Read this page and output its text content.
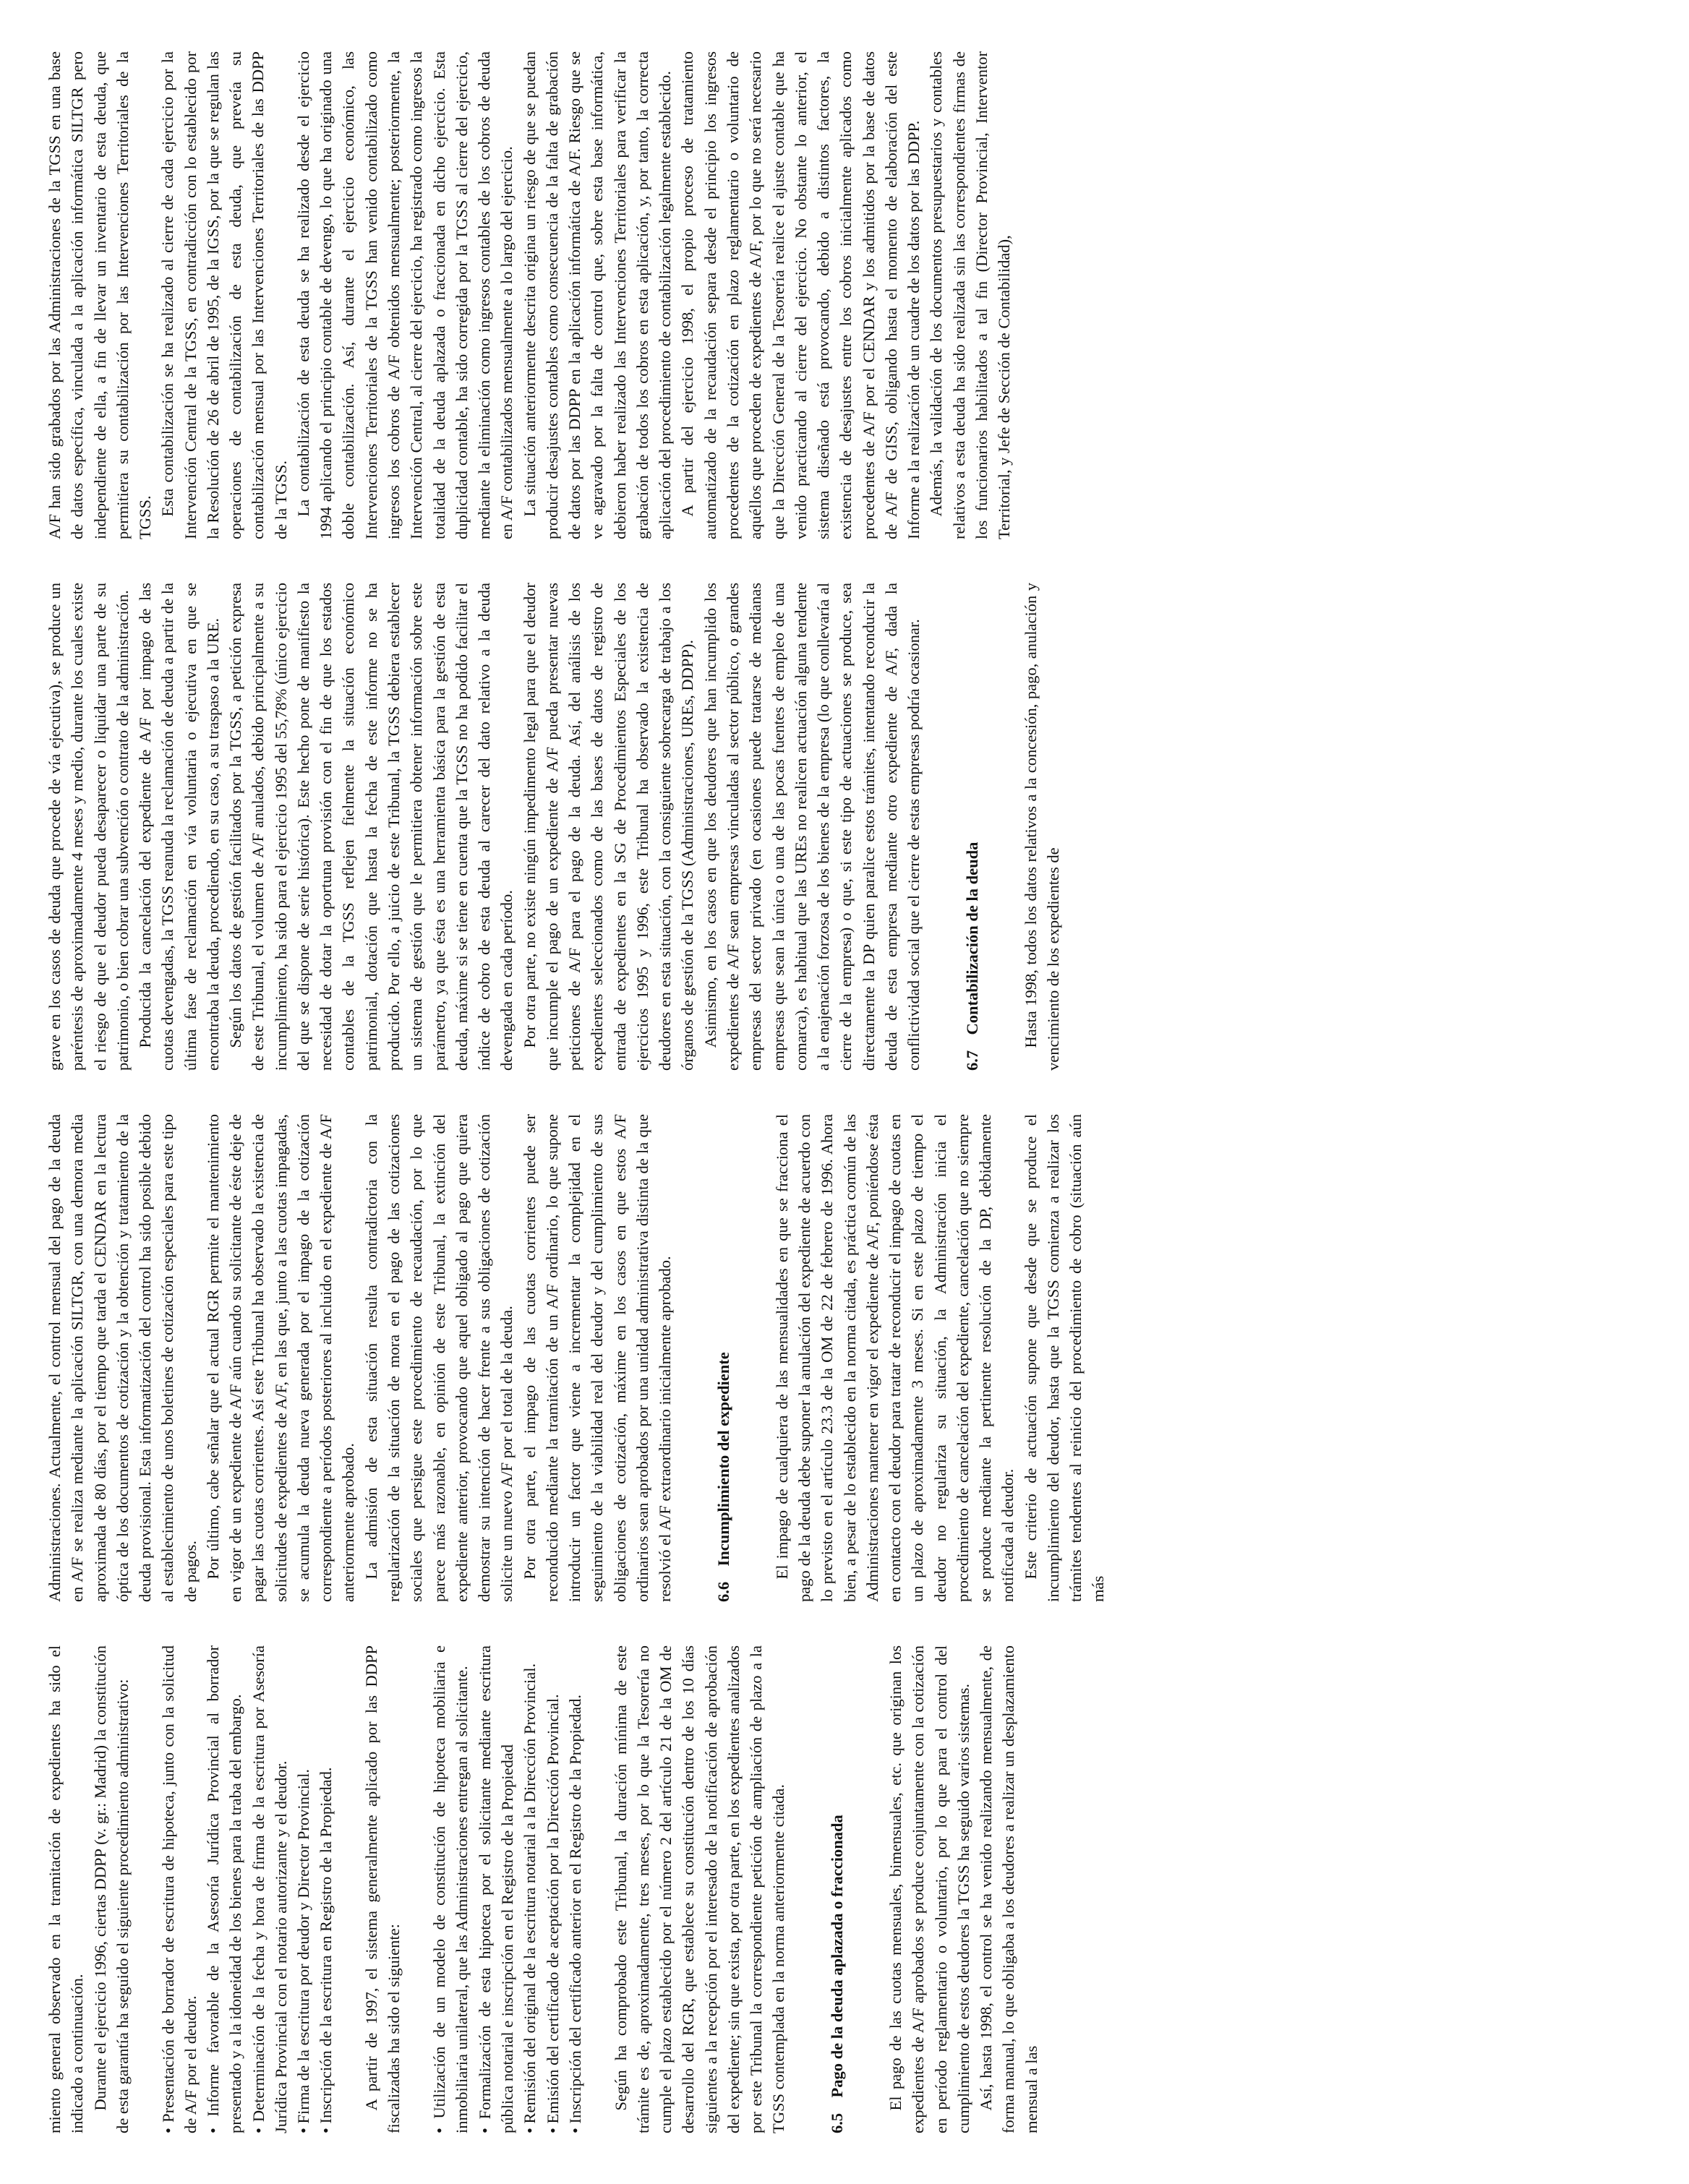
miento general observado en la tramitación de expedientes ha sido el indicado a continuación. Durante el ejercicio 1996, ciertas DDPP (v. gr.: Madrid) la constitución de esta garantía ha seguido el siguiente procedimiento administrativo: • Presentación de borrador de escritura de hipoteca, junto con la solicitud de A/F por el deudor. • Informe favorable de la Asesoría Jurídica Provincial al borrador presentado y a la idoneidad de los bienes para la traba del embargo. • Determinación de la fecha y hora de firma de la escritura por Asesoría Jurídica Provincial con el notario autorizante y el deudor. • Firma de la escritura por deudor y Director Provincial. • Inscripción de la escritura en Registro de la Propiedad. A partir de 1997, el sistema generalmente aplicado por las DDPP fiscalizadas ha sido el siguiente: • Utilización de un modelo de constitución de hipoteca mobiliaria e inmobiliaria unilateral, que las Administraciones entregan al solicitante. • Formalización de esta hipoteca por el solicitante mediante escritura pública notarial e inscripción en el Registro de la Propiedad • Remisión del original de la escritura notarial a la Dirección Provincial. • Emisión del certificado de aceptación por la Dirección Provincial. • Inscripción del certificado anterior en el Registro de la Propiedad. Según ha comprobado este Tribunal, la duración mínima de este trámite es de, aproximadamente, tres meses, por lo que la Tesorería no cumple el plazo establecido por el número 2 del artículo 21 de la OM de desarrollo del RGR, que establece su constitución dentro de los 10 días siguientes a la recepción por el interesado de la notificación de aprobación del expediente; sin que exista, por otra parte, en los expedientes analizados por este Tribunal la correspondiente petición de ampliación de plazo a la TGSS contemplada en la norma anteriormente citada. 6.5Pago de la deuda aplazada o fraccionada El pago de las cuotas mensuales, bimensuales, etc. que originan los expedientes de A/F aprobados se produce conjuntamente con la cotización en período reglamentario o voluntario, por lo que para el control del cumplimiento de estos deudores la TGSS ha seguido varios sistemas. Así, hasta 1998, el control se ha venido realizando mensualmente, de forma manual, lo que obligaba a los deudores a realizar un desplazamiento mensual a las

Administraciones. Actualmente, el control mensual del pago de la deuda en A/F se realiza mediante la aplicación SILTGR, con una demora media aproximada de 80 días, por el tiempo que tarda el CENDAR en la lectura óptica de los documentos de cotización y la obtención y tratamiento de la deuda provisional. Esta informatización del control ha sido posible debido al establecimiento de unos boletines de cotización especiales para este tipo de pagos. Por último, cabe señalar que el actual RGR permite el mantenimiento en vigor de un expediente de A/F aún cuando su solicitante de éste deje de pagar las cuotas corrientes. Así este Tribunal ha observado la existencia de solicitudes de expedientes de A/F, en las que, junto a las cuotas impagadas, se acumula la deuda nueva generada por el impago de la cotización correspondiente a períodos posteriores al incluido en el expediente de A/F anteriormente aprobado. La admisión de esta situación resulta contradictoria con la regularización de la situación de mora en el pago de las cotizaciones sociales que persigue este procedimiento de recaudación, por lo que parece más razonable, en opinión de este Tribunal, la extinción del expediente anterior, provocando que aquel obligado al pago que quiera demostrar su intención de hacer frente a sus obligaciones de cotización solicite un nuevo A/F por el total de la deuda. Por otra parte, el impago de las cuotas corrientes puede ser reconducido mediante la tramitación de un A/F ordinario, lo que supone introducir un factor que viene a incrementar la complejidad en el seguimiento de la viabilidad real del deudor y del cumplimiento de sus obligaciones de cotización, máxime en los casos en que estos A/F ordinarios sean aprobados por una unidad administrativa distinta de la que resolvió el A/F extraordinario inicialmente aprobado. 6.6Incumplimiento del expediente El impago de cualquiera de las mensualidades en que se fracciona el pago de la deuda debe suponer la anulación del expediente de acuerdo con lo previsto en el artículo 23.3 de la OM de 22 de febrero de 1996. Ahora bien, a pesar de lo establecido en la norma citada, es práctica común de las Administraciones mantener en vigor el expediente de A/F, poniéndose ésta en contacto con el deudor para tratar de reconducir el impago de cuotas en un plazo de aproximadamente 3 meses. Si en este plazo de tiempo el deudor no regulariza su situación, la Administración inicia el procedimiento de cancelación del expediente, cancelación que no siempre se produce mediante la pertinente resolución de la DP, debidamente notificada al deudor. Este criterio de actuación supone que desde que se produce el incumplimiento del deudor, hasta que la TGSS comienza a realizar los trámites tendentes al reinicio del procedimiento de cobro (situación aún más

grave en los casos de deuda que procede de vía ejecutiva), se produce un paréntesis de aproximadamente 4 meses y medio, durante los cuales existe el riesgo de que el deudor pueda desaparecer o liquidar una parte de su patrimonio, o bien cobrar una subvención o contrato de la administración. Producida la cancelación del expediente de A/F por impago de las cuotas devengadas, la TGSS reanuda la reclamación de deuda a partir de la última fase de reclamación en vía voluntaria o ejecutiva en que se encontraba la deuda, procediendo, en su caso, a su traspaso a la URE. Según los datos de gestión facilitados por la TGSS, a petición expresa de este Tribunal, el volumen de A/F anulados, debido principalmente a su incumplimiento, ha sido para el ejercicio 1995 del 55,78% (único ejercicio del que se dispone de serie histórica). Este hecho pone de manifiesto la necesidad de dotar la oportuna provisión con el fin de que los estados contables de la TGSS reflejen fielmente la situación económico patrimonial, dotación que hasta la fecha de este informe no se ha producido. Por ello, a juicio de este Tribunal, la TGSS debiera establecer un sistema de gestión que le permitiera obtener información sobre este parámetro, ya que ésta es una herramienta básica para la gestión de esta deuda, máxime si se tiene en cuenta que la TGSS no ha podido facilitar el índice de cobro de esta deuda al carecer del dato relativo a la deuda devengada en cada período. Por otra parte, no existe ningún impedimento legal para que el deudor que incumple el pago de un expediente de A/F pueda presentar nuevas peticiones de A/F para el pago de la deuda. Así, del análisis de los expedientes seleccionados como de las bases de datos de registro de entrada de expedientes en la SG de Procedimientos Especiales de los ejercicios 1995 y 1996, este Tribunal ha observado la existencia de deudores en esta situación, con la consiguiente sobrecarga de trabajo a los órganos de gestión de la TGSS (Administraciones, UREs, DDPP). Asimismo, en los casos en que los deudores que han incumplido los expedientes de A/F sean empresas vinculadas al sector público, o grandes empresas del sector privado (en ocasiones puede tratarse de medianas empresas que sean la única o una de las pocas fuentes de empleo de una comarca), es habitual que las UREs no realicen actuación alguna tendente a la enajenación forzosa de los bienes de la empresa (lo que conllevaría al cierre de la empresa) o que, si este tipo de actuaciones se produce, sea directamente la DP quien paralice estos trámites, intentando reconducir la deuda de esta empresa mediante otro expediente de A/F, dada la conflictividad social que el cierre de estas empresas podría ocasionar. 6.7Contabilización de la deuda Hasta 1998, todos los datos relativos a la concesión, pago, anulación y vencimiento de los expedientes de

A/F han sido grabados por las Administraciones de la TGSS en una base de datos específica, vinculada a la aplicación informática SILTGR pero independiente de ella, a fin de llevar un inventario de esta deuda, que permitiera su contabilización por las Intervenciones Territoriales de la TGSS.

Esta contabilización se ha realizado al cierre de cada ejercicio por la Intervención Central de la TGSS, en contradicción con lo establecido por la Resolución de 26 de abril de 1995, de la IGSS, por la que se regulan las operaciones de contabilización de esta deuda, que preveía su contabilización mensual por las Intervenciones Territoriales de las DDPP de la TGSS. La contabilización de esta deuda se ha realizado desde el ejercicio 1994 aplicando el principio contable de devengo, lo que ha originado una doble contabilización. Así, durante el ejercicio económico, las Intervenciones Territoriales de la TGSS han venido contabilizado como ingresos los cobros de A/F obtenidos mensualmente; posteriormente, la Intervención Central, al cierre del ejercicio, ha registrado como ingresos la totalidad de la deuda aplazada o fraccionada en dicho ejercicio. Esta duplicidad contable, ha sido corregida por la TGSS al cierre del ejercicio, mediante la eliminación como ingresos contables de los cobros de deuda en A/F contabilizados mensualmente a lo largo del ejercicio. La situación anteriormente descrita origina un riesgo de que se puedan producir desajustes contables como consecuencia de la falta de grabación de datos por las DDPP en la aplicación informática de A/F. Riesgo que se ve agravado por la falta de control que, sobre esta base informática, debieron haber realizado las Intervenciones Territoriales para verificar la grabación de todos los cobros en esta aplicación, y, por tanto, la correcta aplicación del procedimiento de contabilización legalmente establecido. A partir del ejercicio 1998, el propio proceso de tratamiento automatizado de la recaudación separa desde el principio los ingresos procedentes de la cotización en plazo reglamentario o voluntario de aquéllos que proceden de expedientes de A/F, por lo que no será necesario que la Dirección General de la Tesorería realice el ajuste contable que ha venido practicando al cierre del ejercicio. No obstante lo anterior, el sistema diseñado está provocando, debido a distintos factores, la existencia de desajustes entre los cobros inicialmente aplicados como procedentes de A/F por el CENDAR y los admitidos por la base de datos de A/F de GISS, obligando hasta el momento de elaboración del este Informe a la realización de un cuadre de los datos por las DDPP. Además, la validación de los documentos presupuestarios y contables relativos a esta deuda ha sido realizada sin las correspondientes firmas de los funcionarios habilitados a tal fin (Director Provincial, Interventor Territorial, y Jefe de Sección de Contabilidad),
